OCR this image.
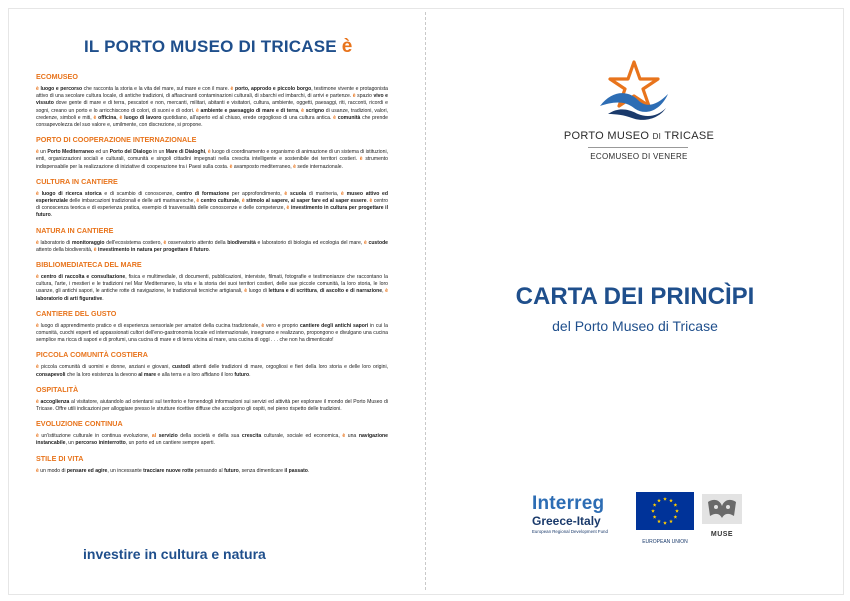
IL PORTO MUSEO DI TRICASE è
ECOMUSEO
è luogo e percorso che racconta la storia e la vita del mare, sul mare e con il mare. è porto, approdo e piccolo borgo, testimone vivente e protagonista attivo di una secolare cultura locale, di antiche tradizioni, di affascinanti contaminazioni culturali, di sbarchi ed imbarchi, di arrivi e partenze. è spazio vivo e vissuto dove gente di mare e di terra, pescatori e non, mercanti, militari, abitanti e visitatori, cultura, ambiente, oggetti, paesaggi, riti, racconti, ricordi e sogni, creano un porto e lo arricchiscono di colori, di suoni e di odori. è ambiente e paesaggio di mare e di terra, è scrigno di usanze, tradizioni, valori, credenze, simboli e miti, è officina, è luogo di lavoro quotidiano, all'aperto ed al chiuso, erede orgoglioso di una cultura antica. è comunità che prende consapevolezza del suo valore e, umilmente, con discrezione, si propone.
PORTO DI COOPERAZIONE INTERNAZIONALE
è un Porto Mediterraneo ed un Porto del Dialogo in un Mare di Dialoghi, è luogo di coordinamento e organismo di animazione di un sistema di istituzioni, enti, organizzazioni sociali e culturali, comunità e singoli cittadini impegnati nella crescita intelligente e sostenibile dei territori costieri. è strumento indispensabile per la realizzazione di iniziative di cooperazione tra i Paesi sulla costa. è avamposto mediterraneo, è sede internazionale.
CULTURA IN CANTIERE
è luogo di ricerca storica e di scambio di conoscenze, centro di formazione per approfondimento, è scuola di marineria, è museo attivo ed esperienziale delle imbarcazioni tradizionali e delle arti marinaresche, è centro culturale, è stimolo al sapere, al saper fare ed al saper essere. è centro di conoscenza teorica e di esperienza pratica, esempio di trasversalità delle conoscenze e delle competenze, è investimento in cultura per progettare il futuro.
NATURA IN CANTIERE
è laboratorio di monitoraggio dell'ecosistema costiero, è osservatorio attento della biodiversità e laboratorio di biologia ed ecologia del mare, è custode attento della biodiversità, è investimento in natura per progettare il futuro.
BIBLIOMEDIATECA DEL MARE
è centro di raccolta e consultazione, fisica e multimediale, di documenti, pubblicazioni, interviste, filmati, fotografie e testimonianze che raccontano la cultura, l'arte, i mestieri e le tradizioni nel Mar Mediterraneo, la vita e la storia dei suoi territori costieri, delle sue piccole comunità, la loro storia, le loro usanze, gli antichi sapori, le antiche rotte di navigazione, le tradizionali tecniche artigianali, è luogo di lettura e di scrittura, di ascolto e di narrazione, è laboratorio di arti figurative.
CANTIERE DEL GUSTO
è luogo di apprendimento pratico e di esperienza sensoriale per amatori della cucina tradizionale, è vero e proprio cantiere degli antichi sapori in cui la comunità, cuochi esperti ed appassionati cultori dell'eno-gastronomia locale ed internazionale, insegnano e realizzano, propongono e divulgano una cucina semplice ma ricca di sapori e di profumi, una cucina di mare e di terra vicina al mare, una cucina di oggi . . . che non ha dimenticato!
PICCOLA COMUNITÀ COSTIERA
è piccola comunità di uomini e donne, anziani e giovani, custodi attenti delle tradizioni di mare, orgogliosi e fieri della loro storia e delle loro origini, consapevoli che la loro esistenza la devono al mare e alla terra e a loro affidano il loro futuro.
OSPITALITÀ
è accoglienza al visitatore, aiutandolo ad orientarsi sul territorio e fornendogli informazioni sui servizi ed attività per esplorare il mondo del Porto Museo di Tricase. Offre utili indicazioni per alloggiare presso le strutture ricettive diffuse che accolgono gli ospiti, nel pieno rispetto delle tradizioni.
EVOLUZIONE CONTINUA
è un'istituzione culturale in continua evoluzione, al servizio della società e della sua crescita culturale, sociale ed economica, è una navigazione instancabile, un percorso ininterrotto, un porto ed un cantiere sempre aperti.
STILE DI VITA
è un modo di pensare ed agire, un incessante tracciare nuove rotte pensando al futuro, senza dimenticare il passato.
investire in cultura e natura
PORTO MUSEO DI TRICASE
ECOMUSEO DI VENERE
CARTA DEI PRINCÌPI
del Porto Museo di Tricase
Interreg
Greece-Italy
European Regional Development Fund
EUROPEAN UNION
MUSE
